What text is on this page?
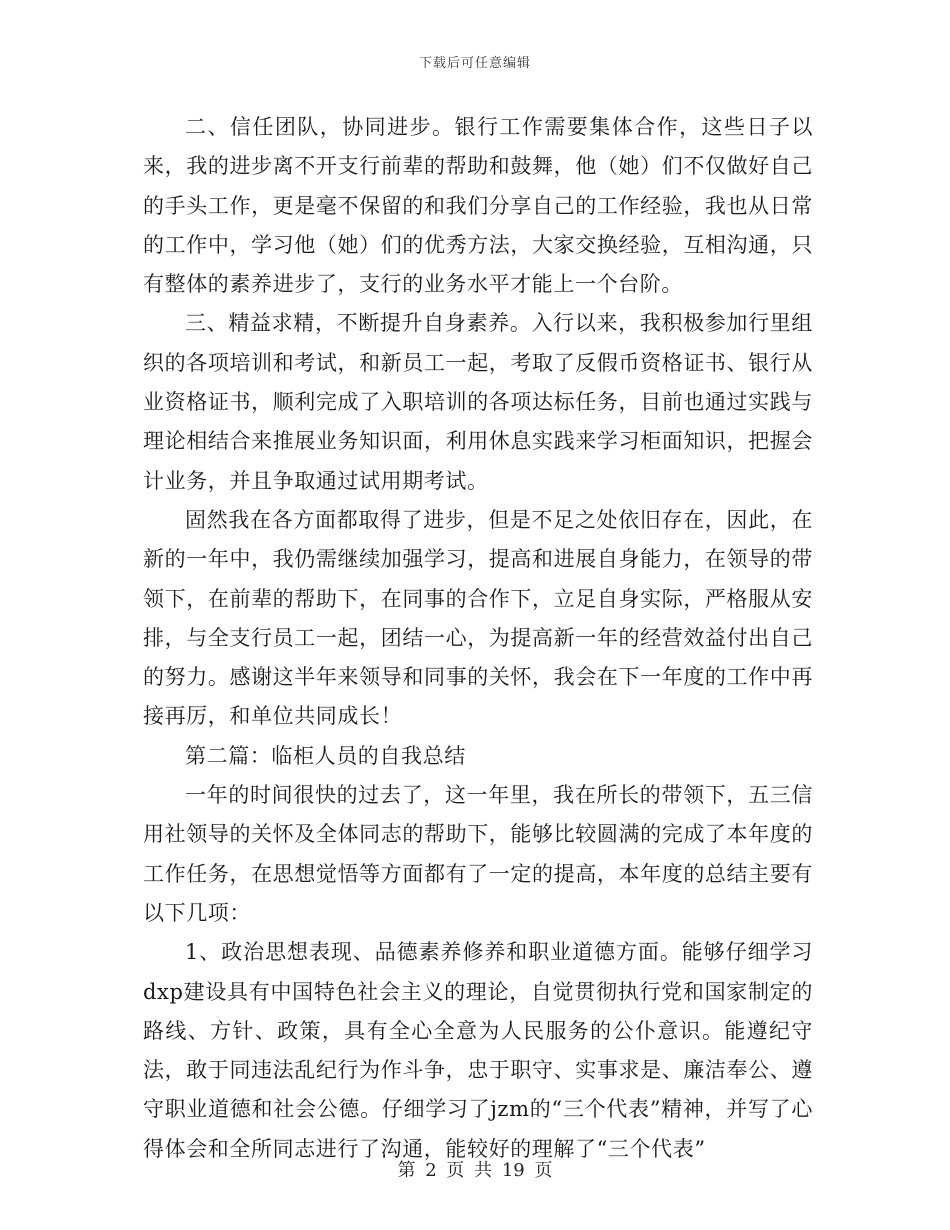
下载后可任意编辑

二、信任团队，协同进步。银行工作需要集体合作，这些日子以来，我的进步离不开支行前辈的帮助和鼓舞，他（她）们不仅做好自己的手头工作，更是毫不保留的和我们分享自己的工作经验，我也从日常的工作中，学习他（她）们的优秀方法，大家交换经验，互相沟通，只有整体的素养进步了，支行的业务水平才能上一个台阶。

三、精益求精，不断提升自身素养。入行以来，我积极参加行里组织的各项培训和考试，和新员工一起，考取了反假币资格证书、银行从业资格证书，顺利完成了入职培训的各项达标任务，目前也通过实践与理论相结合来推展业务知识面，利用休息实践来学习柜面知识，把握会计业务，并且争取通过试用期考试。

固然我在各方面都取得了进步，但是不足之处依旧存在，因此，在新的一年中，我仍需继续加强学习，提高和进展自身能力，在领导的带领下，在前辈的帮助下，在同事的合作下，立足自身实际，严格服从安排，与全支行员工一起，团结一心，为提高新一年的经营效益付出自己的努力。感谢这半年来领导和同事的关怀，我会在下一年度的工作中再接再厉，和单位共同成长！

第二篇：临柜人员的自我总结

一年的时间很快的过去了，这一年里，我在所长的带领下，五三信用社领导的关怀及全体同志的帮助下，能够比较圆满的完成了本年度的工作任务，在思想觉悟等方面都有了一定的提高，本年度的总结主要有以下几项：

1、政治思想表现、品德素养修养和职业道德方面。能够仔细学习dxp建设具有中国特色社会主义的理论，自觉贯彻执行党和国家制定的路线、方针、政策，具有全心全意为人民服务的公仆意识。能遵纪守法，敢于同违法乱纪行为作斗争，忠于职守、实事求是、廉洁奉公、遵守职业道德和社会公德。仔细学习了jzm的“三个代表”精神，并写了心得体会和全所同志进行了沟通，能较好的理解了“三个代表”

第 2 页 共 19 页
